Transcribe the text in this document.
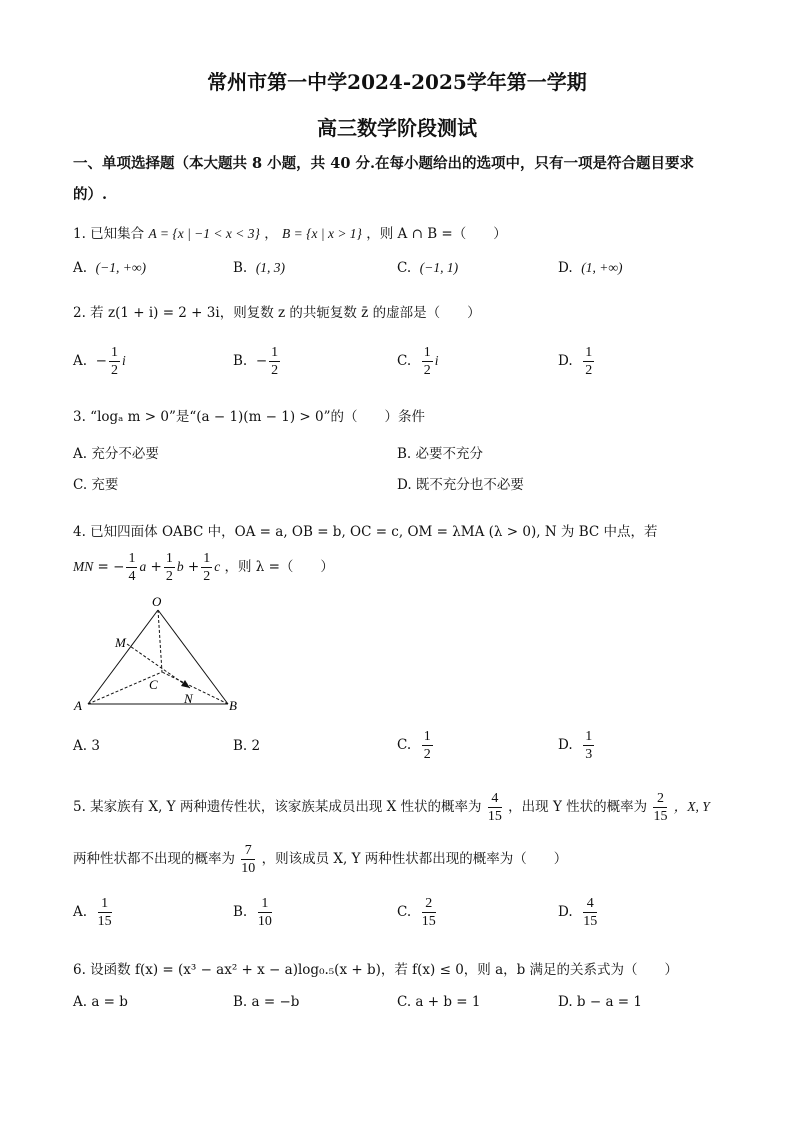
常州市第一中学2024-2025学年第一学期
高三数学阶段测试
一、单项选择题（本大题共 8 小题，共 40 分.在每小题给出的选项中，只有一项是符合题目要求的）.
1. 已知集合 A = {x | −1 < x < 3} ， B = {x | x > 1} ，则 A ∩ B =（　　）
A. (−1, +∞)	B. (1, 3)	C. (−1, 1)	D. (1, +∞)
2. 若 z(1 + i) = 2 + 3i，则复数 z 的共轭复数 z̄ 的虚部是（　　）
A. − $\frac{1}{2}$ i	B. − $\frac{1}{2}$	C. $\frac{1}{2}$ i	D. $\frac{1}{2}$
3. “logₐ m > 0”是“(a − 1)(m − 1) > 0”的（　　）条件
A. 充分不必要	B. 必要不充分
C. 充要	D. 既不充分也不必要
4. 已知四面体 OABC 中，OA = a, OB = b, OC = c, OM = λMA (λ > 0), N 为 BC 中点，若
MN = − $\frac{1}{4}$ $a + \frac{1}{2}$ $b + \frac{1}{2}$ c ，则 λ =（　　）
O
M
C
N
A	B
A. 3	B. 2	C. $\frac{1}{2}$	D. $\frac{1}{3}$
5. 某家族有 X, Y 两种遗传性状，该家族某成员出现 X 性状的概率为 $\frac{4}{15}$ ，出现 Y 性状的概率为 $\frac{2}{15}$ ，X, Y
两种性状都不出现的概率为 $\frac{7}{10}$ ，则该成员 X, Y 两种性状都出现的概率为（　　）
A. $\frac{1}{15}$	B. $\frac{1}{10}$	C. $\frac{2}{15}$	D. $\frac{4}{15}$
6. 设函数 f(x) = (x³ − ax² + x − a)log₀.₅(x + b)，若 f(x) ≤ 0，则 a，b 满足的关系式为（　　）
A. a = b	B. a = −b	C. a + b = 1	D. b − a = 1
